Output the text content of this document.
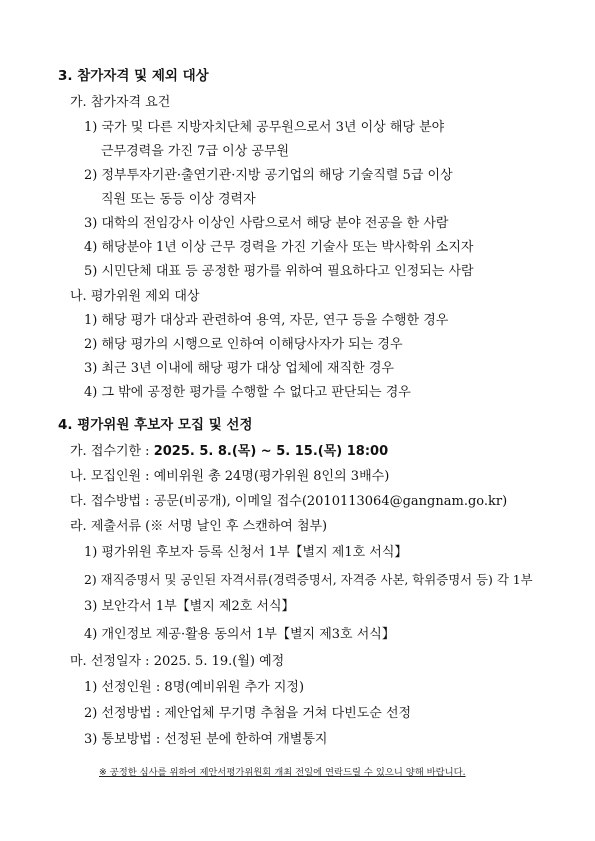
3. 참가자격 및 제외 대상
가. 참가자격 요건
1) 국가 및 다른 지방자치단체 공무원으로서 3년 이상 해당 분야
근무경력을 가진 7급 이상 공무원
2) 정부투자기관·출연기관·지방 공기업의 해당 기술직렬 5급 이상
직원 또는 동등 이상 경력자
3) 대학의 전임강사 이상인 사람으로서 해당 분야 전공을 한 사람
4) 해당분야 1년 이상 근무 경력을 가진 기술사 또는 박사학위 소지자
5) 시민단체 대표 등 공정한 평가를 위하여 필요하다고 인정되는 사람
나. 평가위원 제외 대상
1) 해당 평가 대상과 관련하여 용역, 자문, 연구 등을 수행한 경우
2) 해당 평가의 시행으로 인하여 이해당사자가 되는 경우
3) 최근 3년 이내에 해당 평가 대상 업체에 재직한 경우
4) 그 밖에 공정한 평가를 수행할 수 없다고 판단되는 경우
4. 평가위원 후보자 모집 및 선정
가. 접수기한 : 2025. 5. 8.(목) ~ 5. 15.(목) 18:00
나. 모집인원 : 예비위원 총 24명(평가위원 8인의 3배수)
다. 접수방법 : 공문(비공개), 이메일 접수(2010113064@gangnam.go.kr)
라. 제출서류 (※ 서명 날인 후 스캔하여 첨부)
1) 평가위원 후보자 등록 신청서 1부【별지 제1호 서식】
2) 재직증명서 및 공인된 자격서류(경력증명서, 자격증 사본, 학위증명서 등) 각 1부
3) 보안각서 1부【별지 제2호 서식】
4) 개인정보 제공·활용 동의서 1부【별지 제3호 서식】
마. 선정일자 : 2025. 5. 19.(월) 예정
1) 선정인원 : 8명(예비위원 추가 지정)
2) 선정방법 : 제안업체 무기명 추첨을 거쳐 다빈도순 선정
3) 통보방법 : 선정된 분에 한하여 개별통지
※ 공정한 심사를 위하여 제안서평가위원회 개최 전일에 연락드릴 수 있으니 양해 바랍니다.
